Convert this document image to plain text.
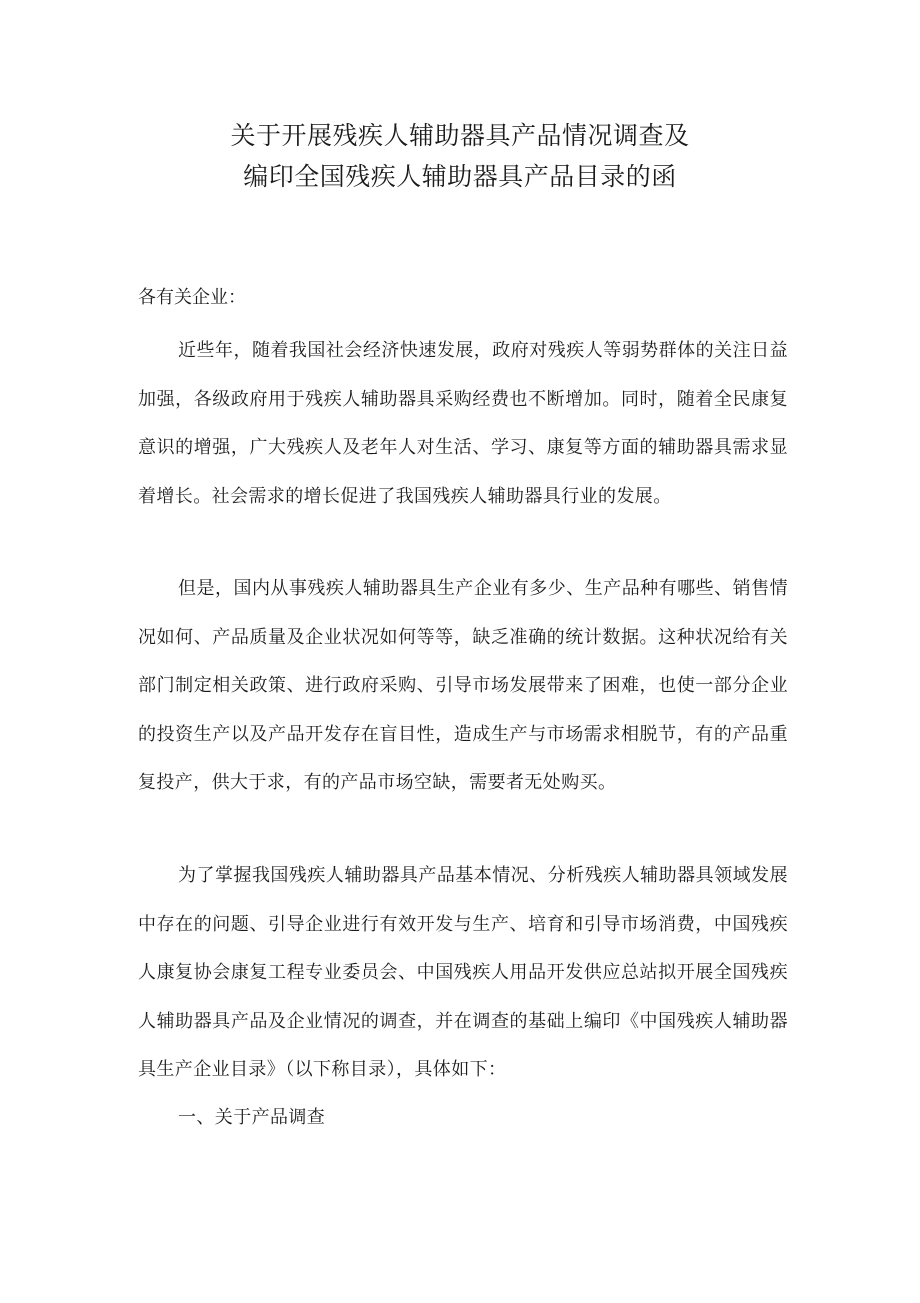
关于开展残疾人辅助器具产品情况调查及
编印全国残疾人辅助器具产品目录的函

各有关企业：

近些年，随着我国社会经济快速发展，政府对残疾人等弱势群体的关注日益加强，各级政府用于残疾人辅助器具采购经费也不断增加。同时，随着全民康复意识的增强，广大残疾人及老年人对生活、学习、康复等方面的辅助器具需求显着增长。社会需求的增长促进了我国残疾人辅助器具行业的发展。

但是，国内从事残疾人辅助器具生产企业有多少、生产品种有哪些、销售情况如何、产品质量及企业状况如何等等，缺乏准确的统计数据。这种状况给有关部门制定相关政策、进行政府采购、引导市场发展带来了困难，也使一部分企业的投资生产以及产品开发存在盲目性，造成生产与市场需求相脱节，有的产品重复投产，供大于求，有的产品市场空缺，需要者无处购买。

为了掌握我国残疾人辅助器具产品基本情况、分析残疾人辅助器具领域发展中存在的问题、引导企业进行有效开发与生产、培育和引导市场消费，中国残疾人康复协会康复工程专业委员会、中国残疾人用品开发供应总站拟开展全国残疾人辅助器具产品及企业情况的调查，并在调查的基础上编印《中国残疾人辅助器具生产企业目录》（以下称目录），具体如下：

一、关于产品调查
